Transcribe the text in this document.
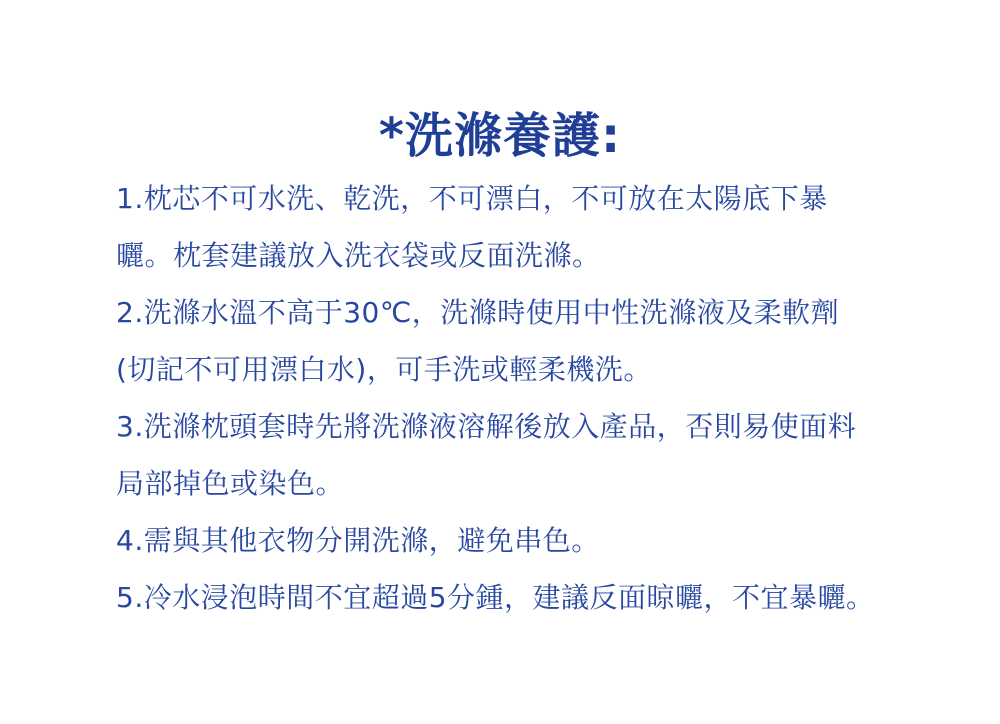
*洗滌養護:
1.枕芯不可水洗、乾洗，不可漂白，不可放在太陽底下暴曬。枕套建議放入洗衣袋或反面洗滌。
2.洗滌水溫不高于30℃，洗滌時使用中性洗滌液及柔軟劑(切記不可用漂白水)，可手洗或輕柔機洗。
3.洗滌枕頭套時先將洗滌液溶解後放入產品，否則易使面料局部掉色或染色。
4.需與其他衣物分開洗滌，避免串色。
5.冷水浸泡時間不宜超過5分鍾，建議反面晾曬，不宜暴曬。
